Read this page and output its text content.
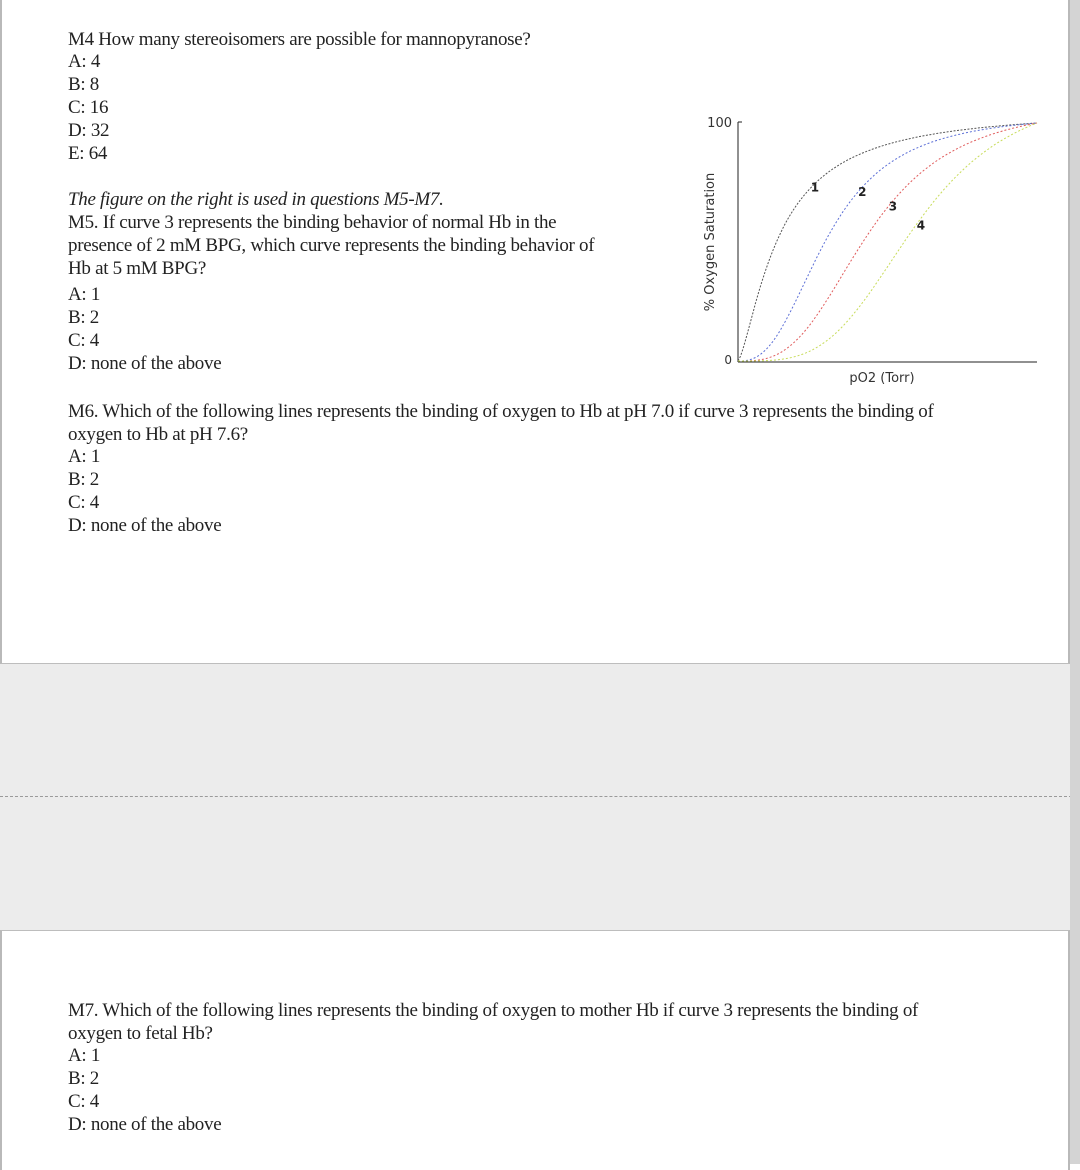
M4 How many stereoisomers are possible for mannopyranose?
A: 4
B: 8
C: 16
D: 32
E: 64
The figure on the right is used in questions M5-M7.
M5. If curve 3 represents the binding behavior of normal Hb in the
presence of 2 mM BPG, which curve represents the binding behavior of
Hb at 5 mM BPG?
A: 1
B: 2
C: 4
D: none of the above
100
0
% Oxygen Saturation
pO2 (Torr)
1	2
3
4
M6. Which of the following lines represents the binding of oxygen to Hb at pH 7.0 if curve 3 represents the binding of
oxygen to Hb at pH 7.6?
A: 1
B: 2
C: 4
D: none of the above
M7. Which of the following lines represents the binding of oxygen to mother Hb if curve 3 represents the binding of
oxygen to fetal Hb?
A: 1
B: 2
C: 4
D: none of the above
